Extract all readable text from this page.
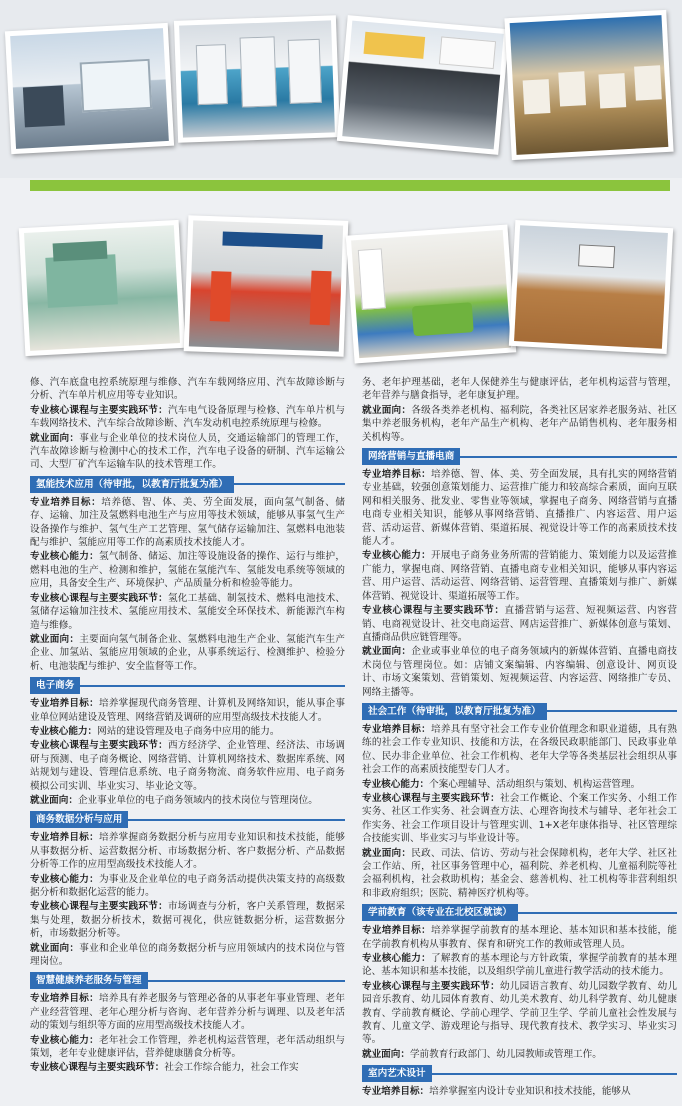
修、汽车底盘电控系统原理与维修、汽车车载网络应用、汽车故障诊断与分析、汽车单片机应用等专业知识。
专业核心课程与主要实践环节：汽车电气设备原理与检修、汽车单片机与车载网络技术、汽车综合故障诊断、汽车发动机电控系统原理与检修。
就业面向：事业与企业单位的技术岗位人员，交通运输部门的管理工作，汽车故障诊断与检测中心的技术工作，汽车电子设备的研制、汽车运输公司、大型厂矿汽车运输车队的技术管理工作。
氢能技术应用（待审批，以教育厅批复为准）
专业培养目标：培养德、智、体、美、劳全面发展，面向氢气制备、储存、运输、加注及氢燃料电池生产与应用等技术领域，能够从事氢气生产设备操作与维护、氢气生产工艺管理、氢气储存运输加注、氢燃料电池装配与维护、氢能应用等工作的高素质技术技能人才。
专业核心能力：氢气制备、储运、加注等设施设备的操作、运行与维护，燃料电池的生产、检测和维护，氢能在氢能汽车、氢能发电系统等领域的应用，具备安全生产、环境保护、产品质量分析和检验等能力。
专业核心课程与主要实践环节：氢化工基础、制氢技术、燃料电池技术、氢储存运输加注技术、氢能应用技术、氢能安全环保技术、新能源汽车构造与维修。
就业面向：主要面向氢气制备企业、氢燃料电池生产企业、氢能汽车生产企业、加氢站、氢能应用领域的企业，从事系统运行、检测维护、检验分析、电池装配与维护、安全监督等工作。
电子商务
专业培养目标：培养掌握现代商务管理、计算机及网络知识，能从事企事业单位网站建设及管理、网络营销及调研的应用型高级技术技能人才。
专业核心能力：网站的建设管理及电子商务中应用的能力。
专业核心课程与主要实践环节：西方经济学、企业管理、经济法、市场调研与预测、电子商务概论、网络营销、计算机网络技术、数据库系统、网站规划与建设、管理信息系统、电子商务物流、商务软件应用、电子商务模拟公司实训、毕业实习、毕业论文等。
就业面向：企业事业单位的电子商务领域内的技术岗位与管理岗位。
商务数据分析与应用
专业培养目标：培养掌握商务数据分析与应用专业知识和技术技能，能够从事数据分析、运营数据分析、市场数据分析、客户数据分析、产品数据分析等工作的应用型高级技术技能人才。
专业核心能力：为事业及企业单位的电子商务活动提供决策支持的高级数据分析和数据化运营的能力。
专业核心课程与主要实践环节：市场调查与分析，客户关系管理，数据采集与处理，数据分析技术，数据可视化，供应链数据分析，运营数据分析，市场数据分析等。
就业面向：事业和企业单位的商务数据分析与应用领域内的技术岗位与管理岗位。
智慧健康养老服务与管理
专业培养目标：培养具有养老服务与管理必备的从事老年事业管理、老年产业经营管理、老年心理分析与咨询、老年营养分析与调理、以及老年活动的策划与组织等方面的应用型高级技术技能人才。
专业核心能力：老年社会工作管理，养老机构运营管理，老年活动组织与策划，老年专业健康评估，营养健康膳食分析等。
专业核心课程与主要实践环节：社会工作综合能力，社会工作实
务、老年护理基础，老年人保健养生与健康评估，老年机构运营与管理，老年营养与膳食指导，老年康复护理。
就业面向：各级各类养老机构、福利院，各类社区居家养老服务站、社区集中养老服务机构，老年产品生产机构、老年产品销售机构、老年服务相关机构等。
网络营销与直播电商
专业培养目标：培养德、智、体、美、劳全面发展，具有扎实的网络营销专业基础，较强创意策划能力、运营推广能力和较高综合素质，面向互联网和相关服务、批发业、零售业等领域，掌握电子商务、网络营销与直播电商专业相关知识，能够从事网络营销、直播推广、内容运营、用户运营、活动运营、新媒体营销、渠道拓展、视觉设计等工作的高素质技术技能人才。
专业核心能力：开展电子商务业务所需的营销能力、策划能力以及运营推广能力，掌握电商、网络营销、直播电商专业相关知识，能够从事内容运营、用户运营、活动运营、网络营销、运营管理、直播策划与推广、新媒体营销、视觉设计、渠道拓展等工作。
专业核心课程与主要实践环节：直播营销与运营、短视频运营、内容营销、电商视觉设计、社交电商运营、网店运营推广、新媒体创意与策划、直播商品供应链管理等。
就业面向：企业或事业单位的电子商务领域内的新媒体营销、直播电商技术岗位与管理岗位。如：店铺文案编辑、内容编辑、创意设计、网页设计、市场文案策划、营销策划、短视频运营、内容运营、网络推广专员、网络主播等。
社会工作（待审批，以教育厅批复为准）
专业培养目标：培养具有坚守社会工作专业价值理念和职业道德，具有熟练的社会工作专业知识、技能和方法，在各级民政职能部门、民政事业单位、民办非企业单位、社会工作机构、老年大学等各类基层社会组织从事社会工作的高素质技能型专门人才。
专业核心能力：个案心理辅导、活动组织与策划、机构运营管理。
专业核心课程与主要实践环节：社会工作概论、个案工作实务、小组工作实务、社区工作实务、社会调查方法、心理咨询技术与辅导、老年社会工作实务、社会工作项目设计与管理实训、1+X老年康体指导、社区管理综合技能实训、毕业实习与毕业设计等。
就业面向：民政、司法、信访、劳动与社会保障机构，老年大学、社区社会工作站、所，社区事务管理中心，福利院、养老机构、儿童福利院等社会福利机构，社会救助机构；基金会、慈善机构、社工机构等非营利组织和非政府组织；医院、精神医疗机构等。
学前教育（该专业在北校区就读）
专业培养目标：培养掌握学前教育的基本理论、基本知识和基本技能，能在学前教育机构从事教育、保育和研究工作的教师或管理人员。
专业核心能力：了解教育的基本理论与方针政策，掌握学前教育的基本理论、基本知识和基本技能，以及组织学前儿童进行教学活动的技术能力。
专业核心课程与主要实践环节：幼儿园语言教育、幼儿园数学教育、幼儿园音乐教育、幼儿园体育教育、幼儿美术教育、幼儿科学教育、幼儿健康教育、学前教育概论、学前心理学、学前卫生学、学前儿童社会性发展与教育、儿童文学、游戏理论与指导、现代教育技术、教学实习、毕业实习等。
就业面向：学前教育行政部门、幼儿园教师或管理工作。
室内艺术设计
专业培养目标：培养掌握室内设计专业知识和技术技能，能够从
